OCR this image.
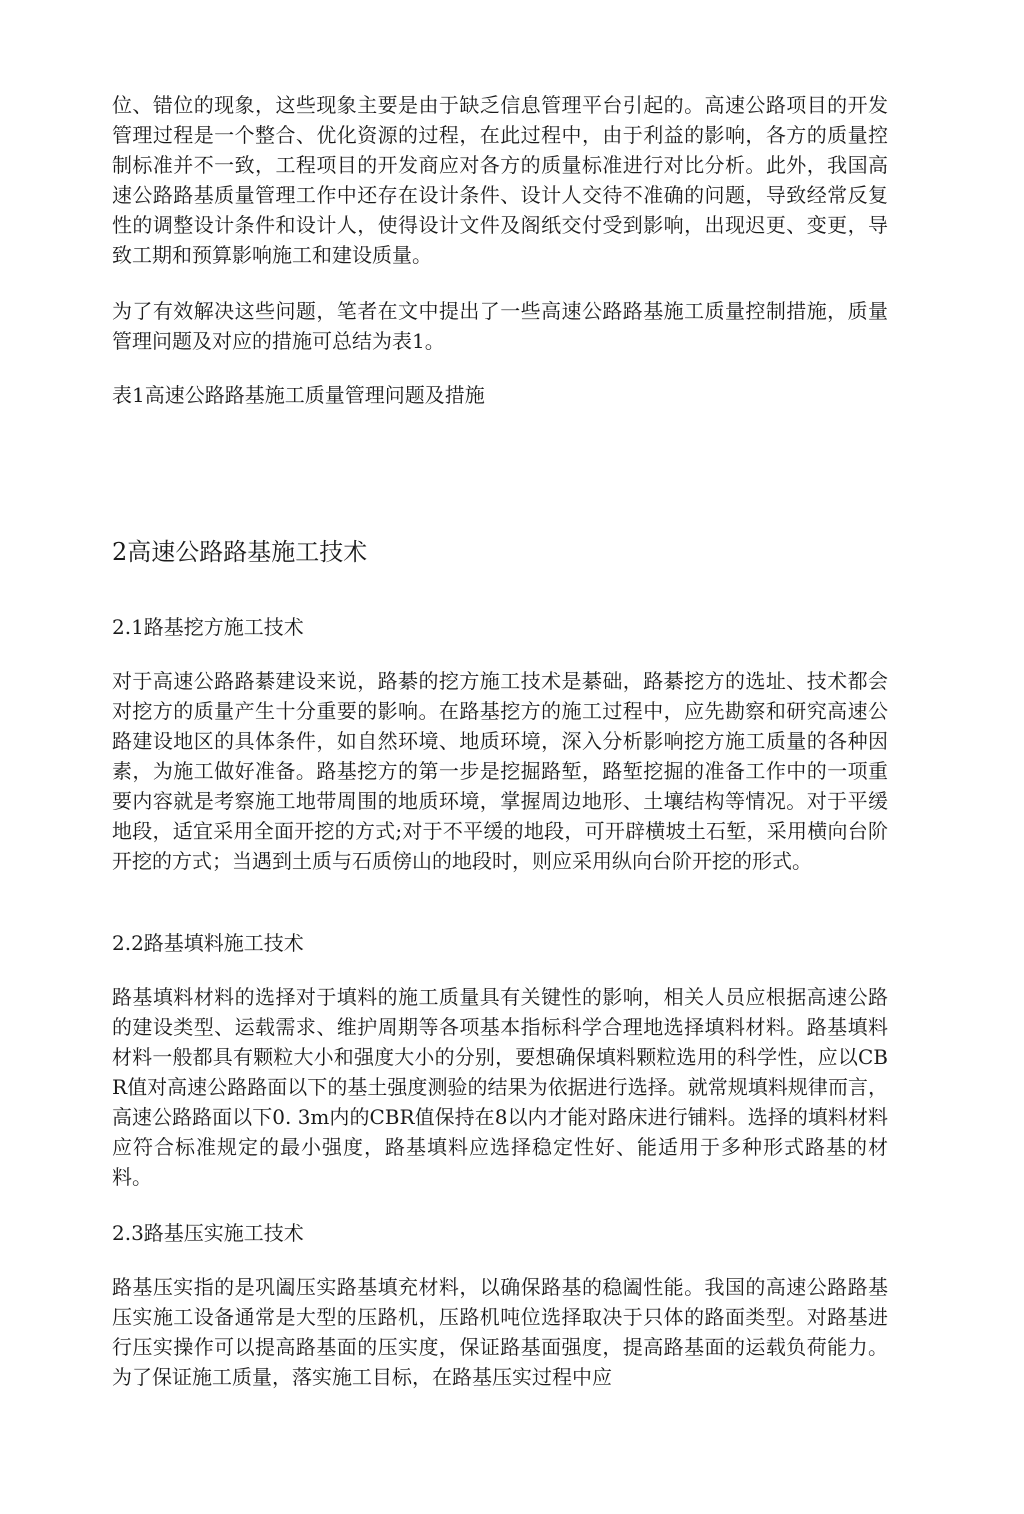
位、错位的现象，这些现象主要是由于缺乏信息管理平台引起的。高速公路项目的开发管理过程是一个整合、优化资源的过程，在此过程中，由于利益的影响，各方的质量控制标准并不一致，工程项目的开发商应对各方的质量标准进行对比分析。此外，我国高速公路路基质量管理工作中还存在设计条件、设计人交待不准确的问题，导致经常反复性的调整设计条件和设计人，使得设计文件及阁纸交付受到影响，出现迟更、变更，导致工期和预算影响施工和建设质量。

为了有效解决这些问题，笔者在文中提出了一些高速公路路基施工质量控制措施，质量管理问题及对应的措施可总结为表1。

表1高速公路路基施工质量管理问题及措施

2高速公路路基施工技术
2.1路基挖方施工技术

对于高速公路路綦建设来说，路綦的挖方施工技术是綦础，路綦挖方的选址、技术都会对挖方的质量产生十分重要的影响。在路基挖方的施工过程中，应先勘察和研究高速公路建设地区的具体条件，如自然环境、地质环境，深入分析影响挖方施工质量的各种因素，为施工做好准备。路基挖方的第一步是挖掘路堑，路堑挖掘的准备工作中的一项重要内容就是考察施工地带周围的地质环境，掌握周边地形、土壤结构等情况。对于平缓地段，适宜采用全面开挖的方式;对于不平缓的地段，可开辟横坡土石堑，采用横向台阶开挖的方式；当遇到土质与石质傍山的地段时，则应采用纵向台阶开挖的形式。

2.2路基填料施工技术

路基填料材料的选择对于填料的施工质量具有关键性的影响，相关人员应根据高速公路的建设类型、运载需求、维护周期等各项基本指标科学合理地选择填料材料。路基填料材料一般都具有颗粒大小和强度大小的分别，要想确保填料颗粒选用的科学性，应以CBR值对高速公路路面以下的基土强度测验的结果为依据进行选择。就常规填料规律而言，高速公路路面以下0. 3m内的CBR值保持在8以内才能对路床进行铺料。选择的填料材料应符合标准规定的最小强度，路基填料应选择稳定性好、能适用于多种形式路基的材料。

2.3路基压实施工技术

路基压实指的是巩阖压实路基填充材料，以确保路基的稳阖性能。我国的高速公路路基压实施工设备通常是大型的压路机，压路机吨位选择取决于只体的路面类型。对路基进行压实操作可以提高路基面的压实度，保证路基面强度，提高路基面的运载负荷能力。为了保证施工质量，落实施工目标，在路基压实过程中应
